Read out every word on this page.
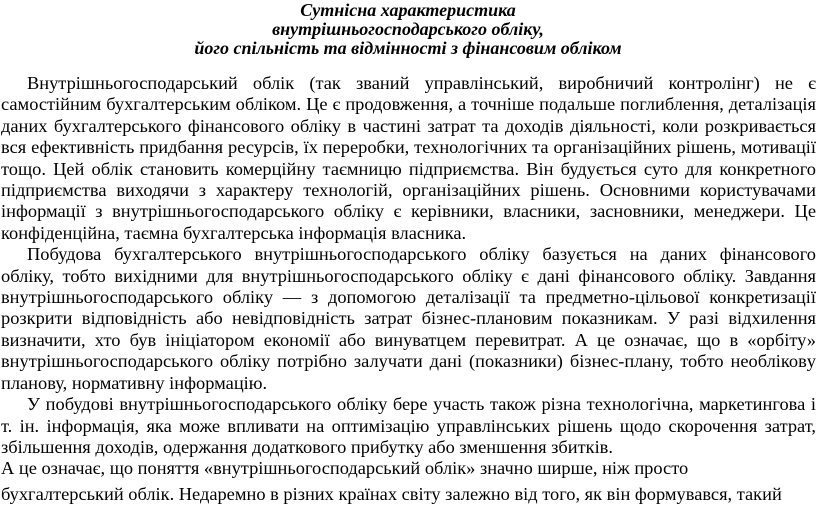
Сутнісна характеристика
внутрішньогосподарського обліку,
його спільність та відмінності з фінансовим обліком

Внутрішньогосподарський облік (так званий управлінський, виробничий контролінг) не є самостійним бухгалтерським обліком. Це є продовження, а точніше подальше поглиблення, деталізація даних бухгалтерського фінансового обліку в частині затрат та доходів діяльності, коли розкривається вся ефективність придбання ресурсів, їх переробки, технологічних та організаційних рішень, мотивації тощо. Цей облік становить комерційну таємницю підприємства. Він будується суто для конкретного підприємства виходячи з характеру технологій, організаційних рішень. Основними користувачами інформації з внутрішньогосподарського обліку є керівники, власники, засновники, менеджери. Це конфіденційна, таємна бухгалтерська інформація власника.

Побудова бухгалтерського внутрішньогосподарського обліку базується на даних фінансового обліку, тобто вихідними для внутрішньогосподарського обліку є дані фінансового обліку. Завдання внутрішньогосподарського обліку — з допомогою деталізації та предметно-цільової конкретизації розкрити відповідність або невідповідність затрат бізнес-плановим показникам. У разі відхилення визначити, хто був ініціатором економії або винуватцем перевитрат. А це означає, що в «орбіту» внутрішньогосподарського обліку потрібно залучати дані (показники) бізнес-плану, тобто необліковy планову, нормативну інформацію.

У побудові внутрішньогосподарського обліку бере участь також різна технологічна, маркетингова і т. ін. інформація, яка може впливати на оптимізацію управлінських рішень щодо скорочення затрат, збільшення доходів, одержання додаткового прибутку або зменшення збитків.

А це означає, що поняття «внутрішньогосподарський облік» значно ширше, ніж просто

бухгалтерський облік. Недаремно в різних країнах світу залежно від того, як він формувався, такий
